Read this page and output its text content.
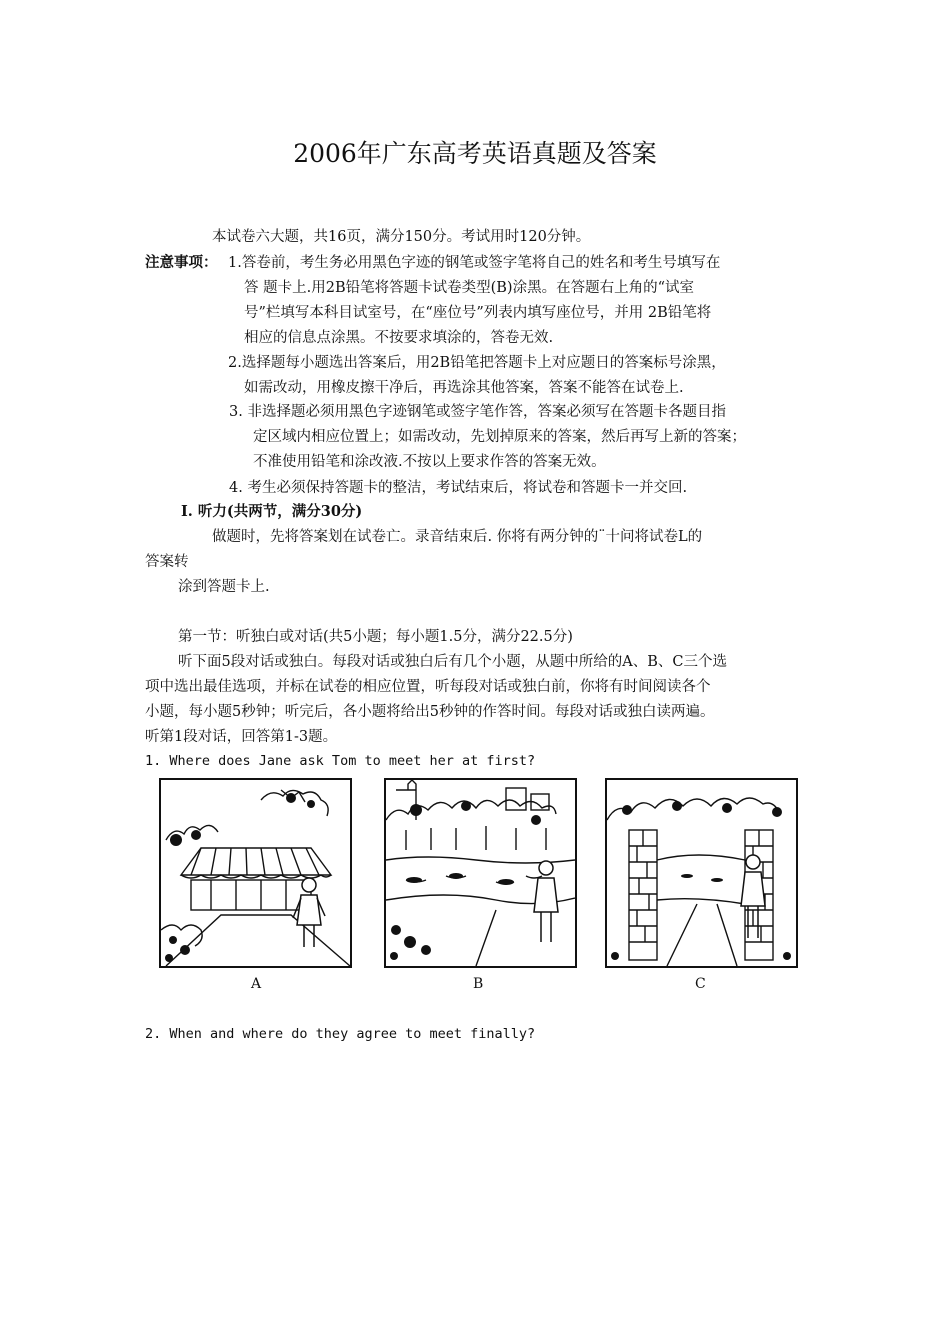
2006年广东高考英语真题及答案
本试卷六大题，共16页，满分150分。考试用时120分钟。
注意事项： 1.答卷前，考生务必用黑色字迹的钢笔或签字笔将自己的姓名和考生号填写在
答 题卡上.用2B铅笔将答题卡试卷类型(B)涂黑。在答题右上角的“试室
号”栏填写本科目试室号，在“座位号”列表内填写座位号，并用 2B铅笔将
相应的信息点涂黑。不按要求填涂的，答卷无效.
2.选择题每小题选出答案后，用2B铅笔把答题卡上对应题日的答案标号涂黑，
如需改动，用橡皮擦干净后，再选涂其他答案，答案不能答在试卷上.
3. 非选择题必须用黑色字迹钢笔或签字笔作答，答案必须写在答题卡各题目指
定区域内相应位置上；如需改动，先划掉原来的答案，然后再写上新的答案；
不准使用铅笔和涂改液.不按以上要求作答的答案无效。
4. 考生必须保持答题卡的整洁，考试结束后，将试卷和答题卡一并交回.
Ⅰ. 听力(共两节，满分30分)
做题时，先将答案划在试卷亡。录音结束后. 你将有两分钟的¨十问将试卷L的
答案转
涂到答题卡上.
第一节：听独白或对话(共5小题；每小题1.5分，满分22.5分)
听下面5段对话或独白。每段对话或独白后有几个小题，从题中所给的A、B、C三个选
项中选出最佳选项，并标在试卷的相应位置，听每段对话或独白前，你将有时间阅读各个
小题，每小题5秒钟；听完后，各小题将给出5秒钟的作答时间。每段对话或独白读两遍。
听第1段对话，回答第1-3题。
1. Where does Jane ask Tom to meet her at first?
A	B	C
2. When and where do they agree to meet finally?
